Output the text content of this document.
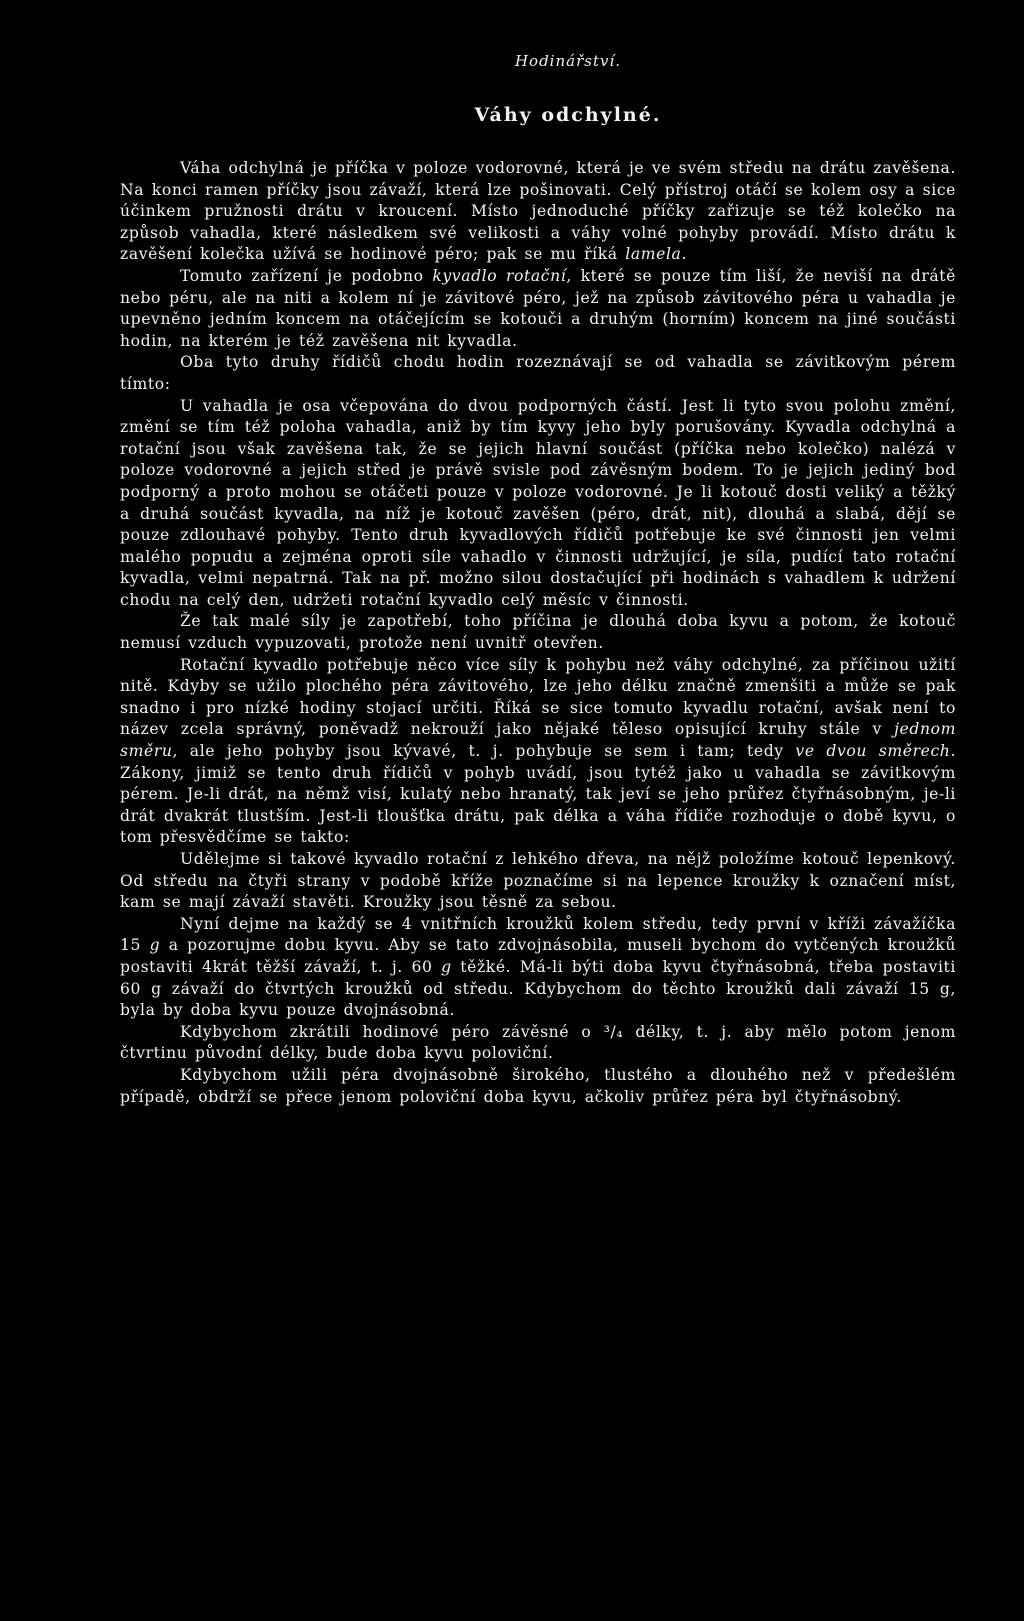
Hodinářství.
Váhy odchylné.

Váha odchylná je příčka v poloze vodorovné, která je ve svém středu na drátu zavěšena. Na konci ramen příčky jsou závaží, která lze pošinovati. Celý přístroj otáčí se kolem osy a sice účinkem pružnosti drátu v kroucení. Místo jednoduché příčky zařizuje se též kolečko na způsob vahadla, které následkem své velikosti a váhy volné pohyby provádí. Místo drátu k zavěšení kolečka užívá se hodinové péro; pak se mu říká lamela.

Tomuto zařízení je podobno kyvadlo rotační, které se pouze tím liší, že neviší na drátě nebo péru, ale na niti a kolem ní je závitové péro, jež na způsob závitového péra u vahadla je upevněno jedním koncem na otáčejícím se kotouči a druhým (horním) koncem na jiné součásti hodin, na kterém je též zavěšena nit kyvadla.

Oba tyto druhy řídičů chodu hodin rozeznávají se od vahadla se závitkovým pérem tímto:

U vahadla je osa včepována do dvou podporných částí. Jest li tyto svou polohu změní, změní se tím též poloha vahadla, aniž by tím kyvy jeho byly porušovány. Kyvadla odchylná a rotační jsou však zavěšena tak, že se jejich hlavní součást (příčka nebo kolečko) nalézá v poloze vodorovné a jejich střed je právě svisle pod závěsným bodem. To je jejich jediný bod podporný a proto mohou se otáčeti pouze v poloze vodorovné. Je li kotouč dosti veliký a těžký a druhá součást kyvadla, na níž je kotouč zavěšen (péro, drát, nit), dlouhá a slabá, dějí se pouze zdlouhavé pohyby. Tento druh kyvadlových řídičů potřebuje ke své činnosti jen velmi malého popudu a zejména oproti síle vahadlo v činnosti udržující, je síla, pudící tato rotační kyvadla, velmi nepatrná. Tak na př. možno silou dostačující při hodinách s vahadlem k udržení chodu na celý den, udržeti rotační kyvadlo celý měsíc v činnosti.

Že tak malé síly je zapotřebí, toho příčina je dlouhá doba kyvu a potom, že kotouč nemusí vzduch vypuzovati, protože není uvnitř otevřen.

Rotační kyvadlo potřebuje něco více síly k pohybu než váhy odchylné, za příčinou užití nitě. Kdyby se užilo plochého péra závitového, lze jeho délku značně zmenšiti a může se pak snadno i pro nízké hodiny stojací určiti. Říká se sice tomuto kyvadlu rotační, avšak není to název zcela správný, poněvadž nekrouží jako nějaké těleso opisující kruhy stále v jednom směru, ale jeho pohyby jsou kývavé, t. j. pohybuje se sem i tam; tedy ve dvou směrech. Zákony, jimiž se tento druh řídičů v pohyb uvádí, jsou tytéž jako u vahadla se závitkovým pérem. Je-li drát, na němž visí, kulatý nebo hranatý, tak jeví se jeho průřez čtyřnásobným, je-li drát dvakrát tlustším. Jest-li tloušťka drátu, pak délka a váha řídiče rozhoduje o době kyvu, o tom přesvědčíme se takto:

Udělejme si takové kyvadlo rotační z lehkého dřeva, na nějž položíme kotouč lepenkový. Od středu na čtyři strany v podobě kříže poznačíme si na lepence kroužky k označení míst, kam se mají závaží stavěti. Kroužky jsou těsně za sebou.

Nyní dejme na každý se 4 vnitřních kroužků kolem středu, tedy první v kříži závažíčka 15 g a pozorujme dobu kyvu. Aby se tato zdvojnásobila, museli bychom do vytčených kroužků postaviti 4krát těžší závaží, t. j. 60 g těžké. Má-li býti doba kyvu čtyřnásobná, třeba postaviti 60 g závaží do čtvrtých kroužků od středu. Kdybychom do těchto kroužků dali závaží 15 g, byla by doba kyvu pouze dvojnásobná.

Kdybychom zkrátili hodinové péro závěsné o ³/₄ délky, t. j. aby mělo potom jenom čtvrtinu původní délky, bude doba kyvu poloviční.

Kdybychom užili péra dvojnásobně širokého, tlustého a dlouhého než v předešlém případě, obdrží se přece jenom poloviční doba kyvu, ačkoliv průřez péra byl čtyřnásobný.
